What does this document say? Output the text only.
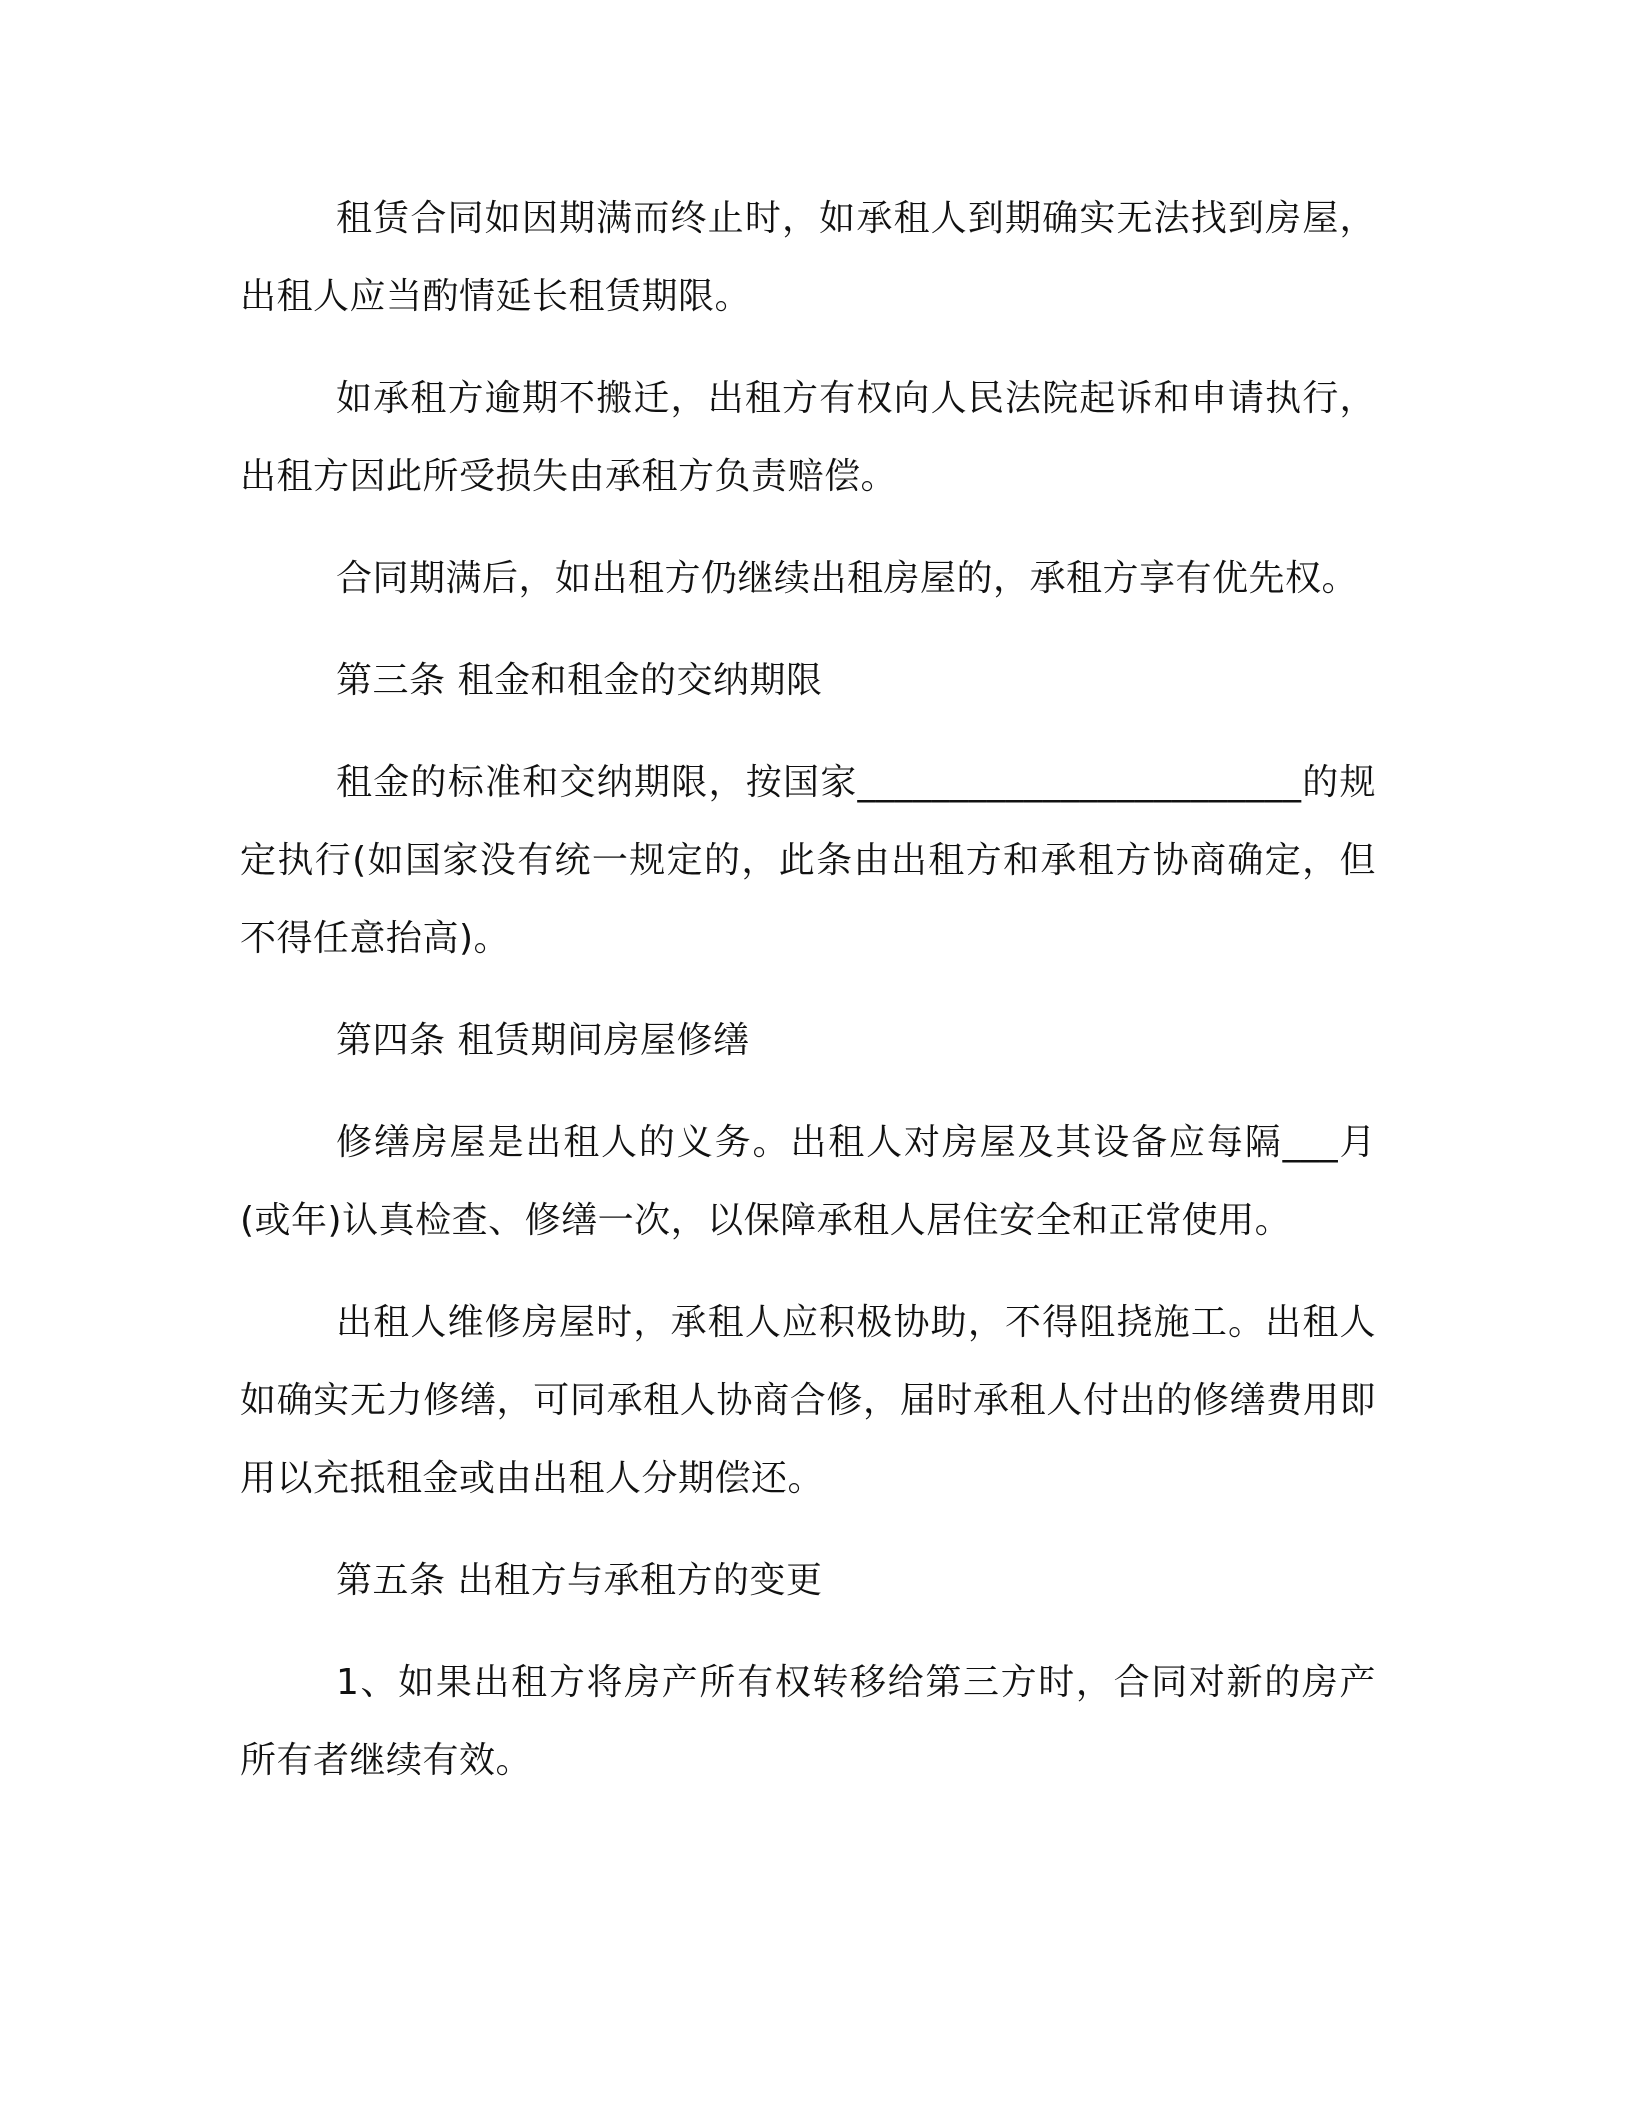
租赁合同如因期满而终止时，如承租人到期确实无法找到房屋，出租人应当酌情延长租赁期限。

如承租方逾期不搬迁，出租方有权向人民法院起诉和申请执行，出租方因此所受损失由承租方负责赔偿。

合同期满后，如出租方仍继续出租房屋的，承租方享有优先权。

第三条 租金和租金的交纳期限

租金的标准和交纳期限，按国家________________________的规定执行(如国家没有统一规定的，此条由出租方和承租方协商确定，但不得任意抬高)。

第四条 租赁期间房屋修缮

修缮房屋是出租人的义务。出租人对房屋及其设备应每隔___月(或年)认真检查、修缮一次，以保障承租人居住安全和正常使用。

出租人维修房屋时，承租人应积极协助，不得阻挠施工。出租人如确实无力修缮，可同承租人协商合修，届时承租人付出的修缮费用即用以充抵租金或由出租人分期偿还。

第五条 出租方与承租方的变更

1、如果出租方将房产所有权转移给第三方时，合同对新的房产所有者继续有效。
